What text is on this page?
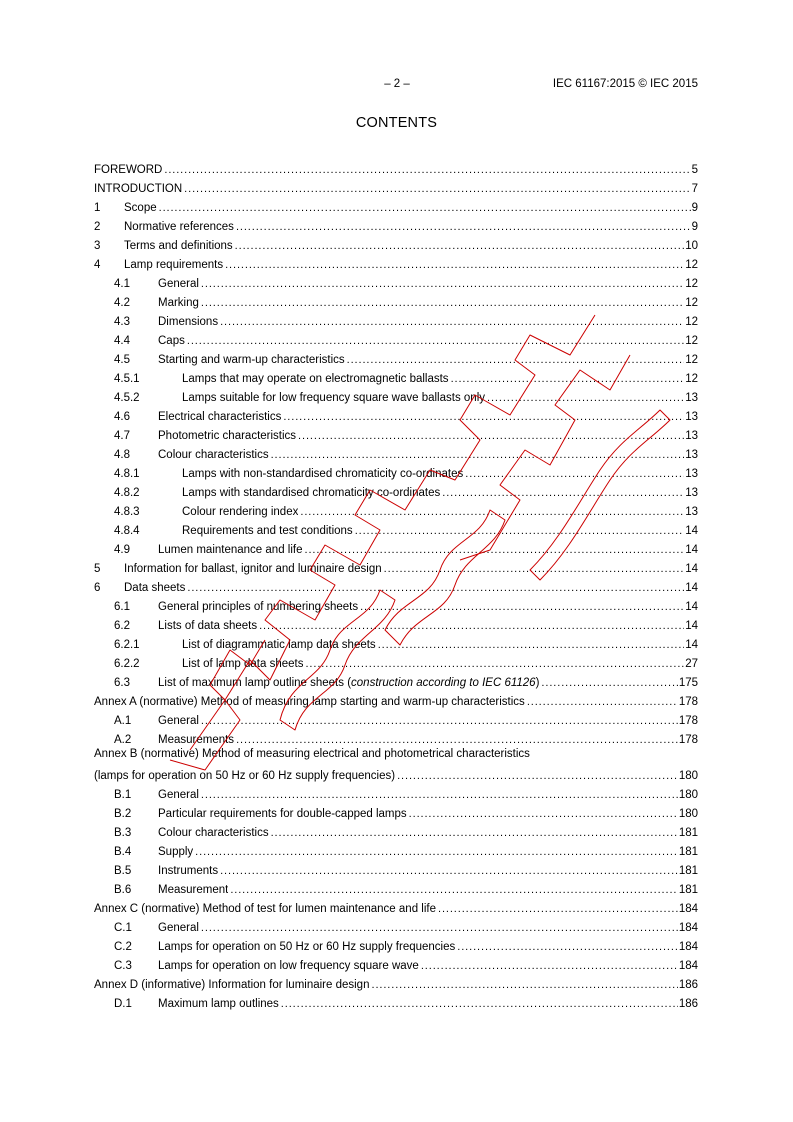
– 2 –	IEC 61167:2015 © IEC 2015
CONTENTS
FOREWORD .....	5
INTRODUCTION .....	7
1	Scope .....	9
2	Normative references .....	9
3	Terms and definitions .....	10
4	Lamp requirements .....	12
4.1	General .....	12
4.2	Marking .....	12
4.3	Dimensions .....	12
4.4	Caps .....	12
4.5	Starting and warm-up characteristics .....	12
4.5.1	Lamps that may operate on electromagnetic ballasts .....	12
4.5.2	Lamps suitable for low frequency square wave ballasts only .....	13
4.6	Electrical characteristics .....	13
4.7	Photometric characteristics .....	13
4.8	Colour characteristics .....	13
4.8.1	Lamps with non-standardised chromaticity co-ordinates .....	13
4.8.2	Lamps with standardised chromaticity co-ordinates .....	13
4.8.3	Colour rendering index .....	13
4.8.4	Requirements and test conditions .....	14
4.9	Lumen maintenance and life .....	14
5	Information for ballast, ignitor and luminaire design .....	14
6	Data sheets .....	14
6.1	General principles of numbering sheets .....	14
6.2	Lists of data sheets .....	14
6.2.1	List of diagrammatic lamp data sheets .....	14
6.2.2	List of lamp data sheets .....	27
6.3	List of maximum lamp outline sheets (construction according to IEC 61126) .....	175
Annex A (normative) Method of measuring lamp starting and warm-up characteristics .....	178
A.1	General .....	178
A.2	Measurements .....	178
Annex B (normative) Method of measuring electrical and photometrical characteristics
(lamps for operation on 50 Hz or 60 Hz supply frequencies) .....	180
B.1	General .....	180
B.2	Particular requirements for double-capped lamps .....	180
B.3	Colour characteristics .....	181
B.4	Supply .....	181
B.5	Instruments .....	181
B.6	Measurement .....	181
Annex C (normative) Method of test for lumen maintenance and life .....	184
C.1	General .....	184
C.2	Lamps for operation on 50 Hz or 60 Hz supply frequencies .....	184
C.3	Lamps for operation on low frequency square wave .....	184
Annex D (informative) Information for luminaire design .....	186
D.1	Maximum lamp outlines .....	186
